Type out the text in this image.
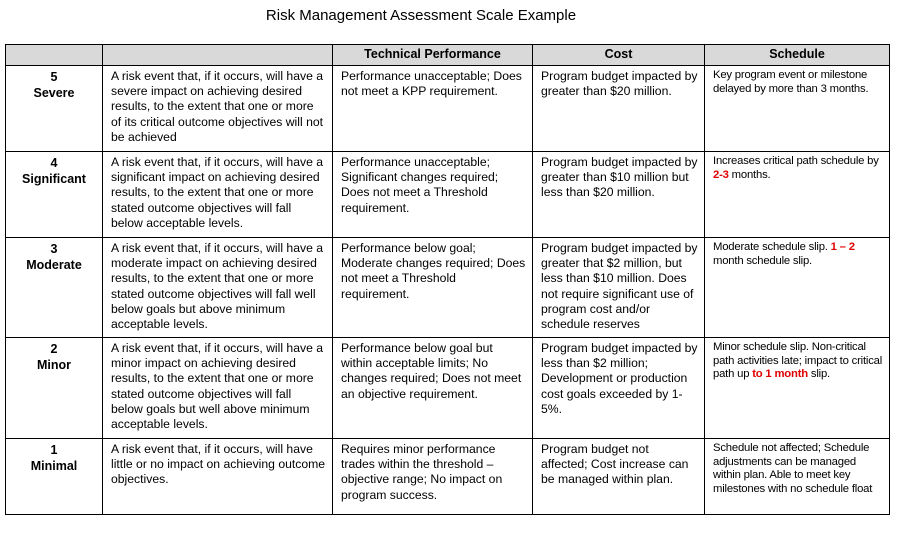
Risk Management Assessment Scale Example
		Technical Performance	Cost	Schedule
5
Severe	A risk event that, if it occurs, will have a severe impact on achieving desired results, to the extent that one or more of its critical outcome objectives will not be achieved	Performance unacceptable; Does not meet a KPP requirement.	Program budget impacted by greater than $20 million.	Key program event or milestone delayed by more than 3 months.
4
Significant	A risk event that, if it occurs, will have a significant impact on achieving desired results, to the extent that one or more stated outcome objectives will fall below acceptable levels.	Performance unacceptable; Significant changes required; Does not meet a Threshold requirement.	Program budget impacted by greater than $10 million but less than $20 million.	Increases critical path schedule by 2-3 months.
3
Moderate	A risk event that, if it occurs, will have a moderate impact on achieving desired results, to the extent that one or more stated outcome objectives will fall well below goals but above minimum acceptable levels.	Performance below goal; Moderate changes required; Does not meet a Threshold requirement.	Program budget impacted by greater that $2 million, but less than $10 million. Does not require significant use of program cost and/or schedule reserves	Moderate schedule slip. 1 – 2 month schedule slip.
2
Minor	A risk event that, if it occurs, will have a minor impact on achieving desired results, to the extent that one or more stated outcome objectives will fall below goals but well above minimum acceptable levels.	Performance below goal but within acceptable limits; No changes required; Does not meet an objective requirement.	Program budget impacted by less than $2 million; Development or production cost goals exceeded by 1-5%.	Minor schedule slip. Non-critical path activities late; impact to critical path up to 1 month slip.
1
Minimal	A risk event that, if it occurs, will have little or no impact on achieving outcome objectives.	Requires minor performance trades within the threshold – objective range; No impact on program success.	Program budget not affected; Cost increase can be managed within plan.	Schedule not affected; Schedule adjustments can be managed within plan. Able to meet key milestones with no schedule float
